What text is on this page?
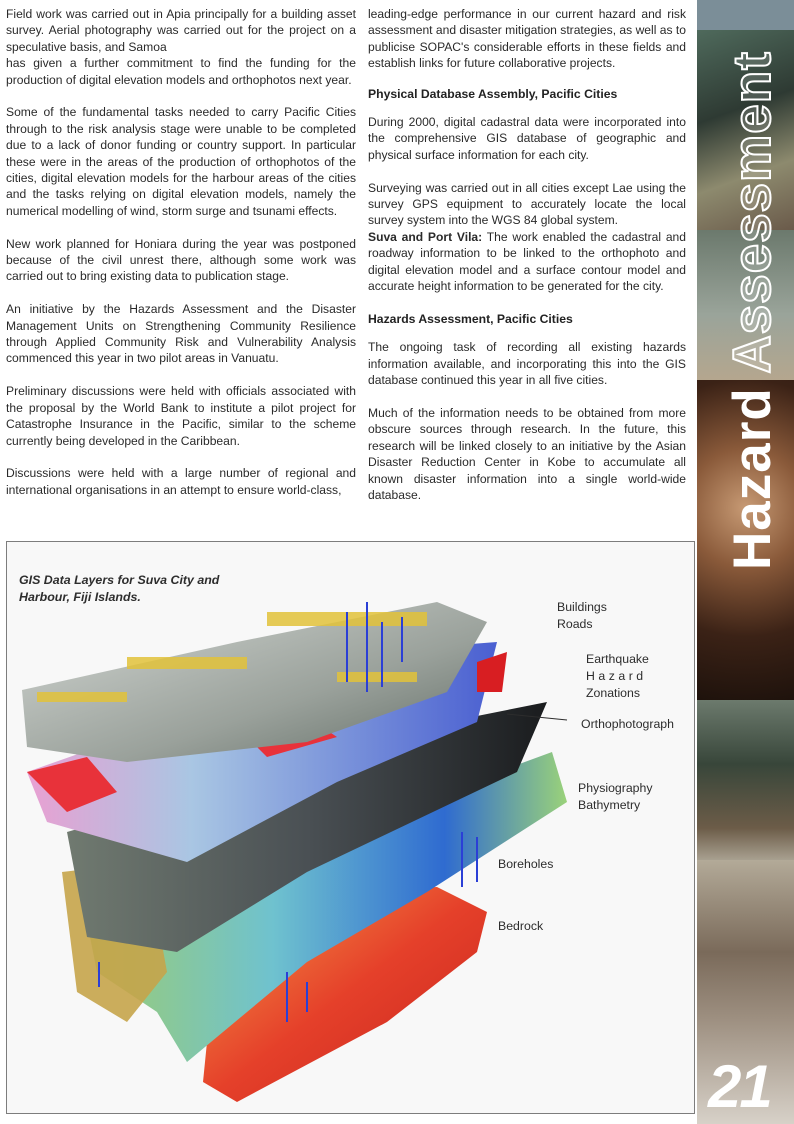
Field work was carried out in Apia principally for a building asset survey. Aerial photography was carried out for the project on a speculative basis, and Samoa

has given a further commitment to find the funding for the production of digital elevation models and orthophotos next year.

Some of the fundamental tasks needed to carry Pacific Cities through to the risk analysis stage were unable to be completed due to a lack of donor funding or country support. In particular these were in the areas of the production of orthophotos of the cities, digital elevation models for the harbour areas of the cities and the tasks relying on digital elevation models, namely the numerical modelling of wind, storm surge and tsunami effects.

New work planned for Honiara during the year was postponed because of the civil unrest there, although some work was carried out to bring existing data to publication stage.

An initiative by the Hazards Assessment and the Disaster Management Units on Strengthening Community Resilience through Applied Community Risk and Vulnerability Analysis commenced this year in two pilot areas in Vanuatu.

Preliminary discussions were held with officials associated with the proposal by the World Bank to institute a pilot project for Catastrophe Insurance in the Pacific, similar to the scheme currently being developed in the Caribbean.

Discussions were held with a large number of regional and international organisations in an attempt to ensure world-class,

leading-edge performance in our current hazard and risk assessment and disaster mitigation strategies, as well as to publicise SOPAC's considerable efforts in these fields and establish links for future collaborative projects.

Physical Database Assembly, Pacific Cities

During 2000, digital cadastral data were incorporated into the comprehensive GIS database of geographic and physical surface information for each city.

Surveying was carried out in all cities except Lae using the survey GPS equipment to accurately locate the local survey system into the WGS 84 global system.

Suva and Port Vila: The work enabled the cadastral and roadway information to be linked to the orthophoto and digital elevation model and a surface contour model and accurate height information to be generated for the city.

Hazards Assessment, Pacific Cities

The ongoing task of recording all existing hazards information available, and incorporating this into the GIS database continued this year in all five cities.

Much of the information needs to be obtained from more obscure sources through research. In the future, this research will be linked closely to an initiative by the Asian Disaster Reduction Center in Kobe to accumulate all known disaster information into a single world-wide database.	Hazard Assessment
21
GIS Data Layers for Suva City and Harbour, Fiji Islands.
Buildings
Roads
Earthquake
Hazard
Zonations
Orthophotograph
Physiography
Bathymetry
Boreholes
Bedrock
